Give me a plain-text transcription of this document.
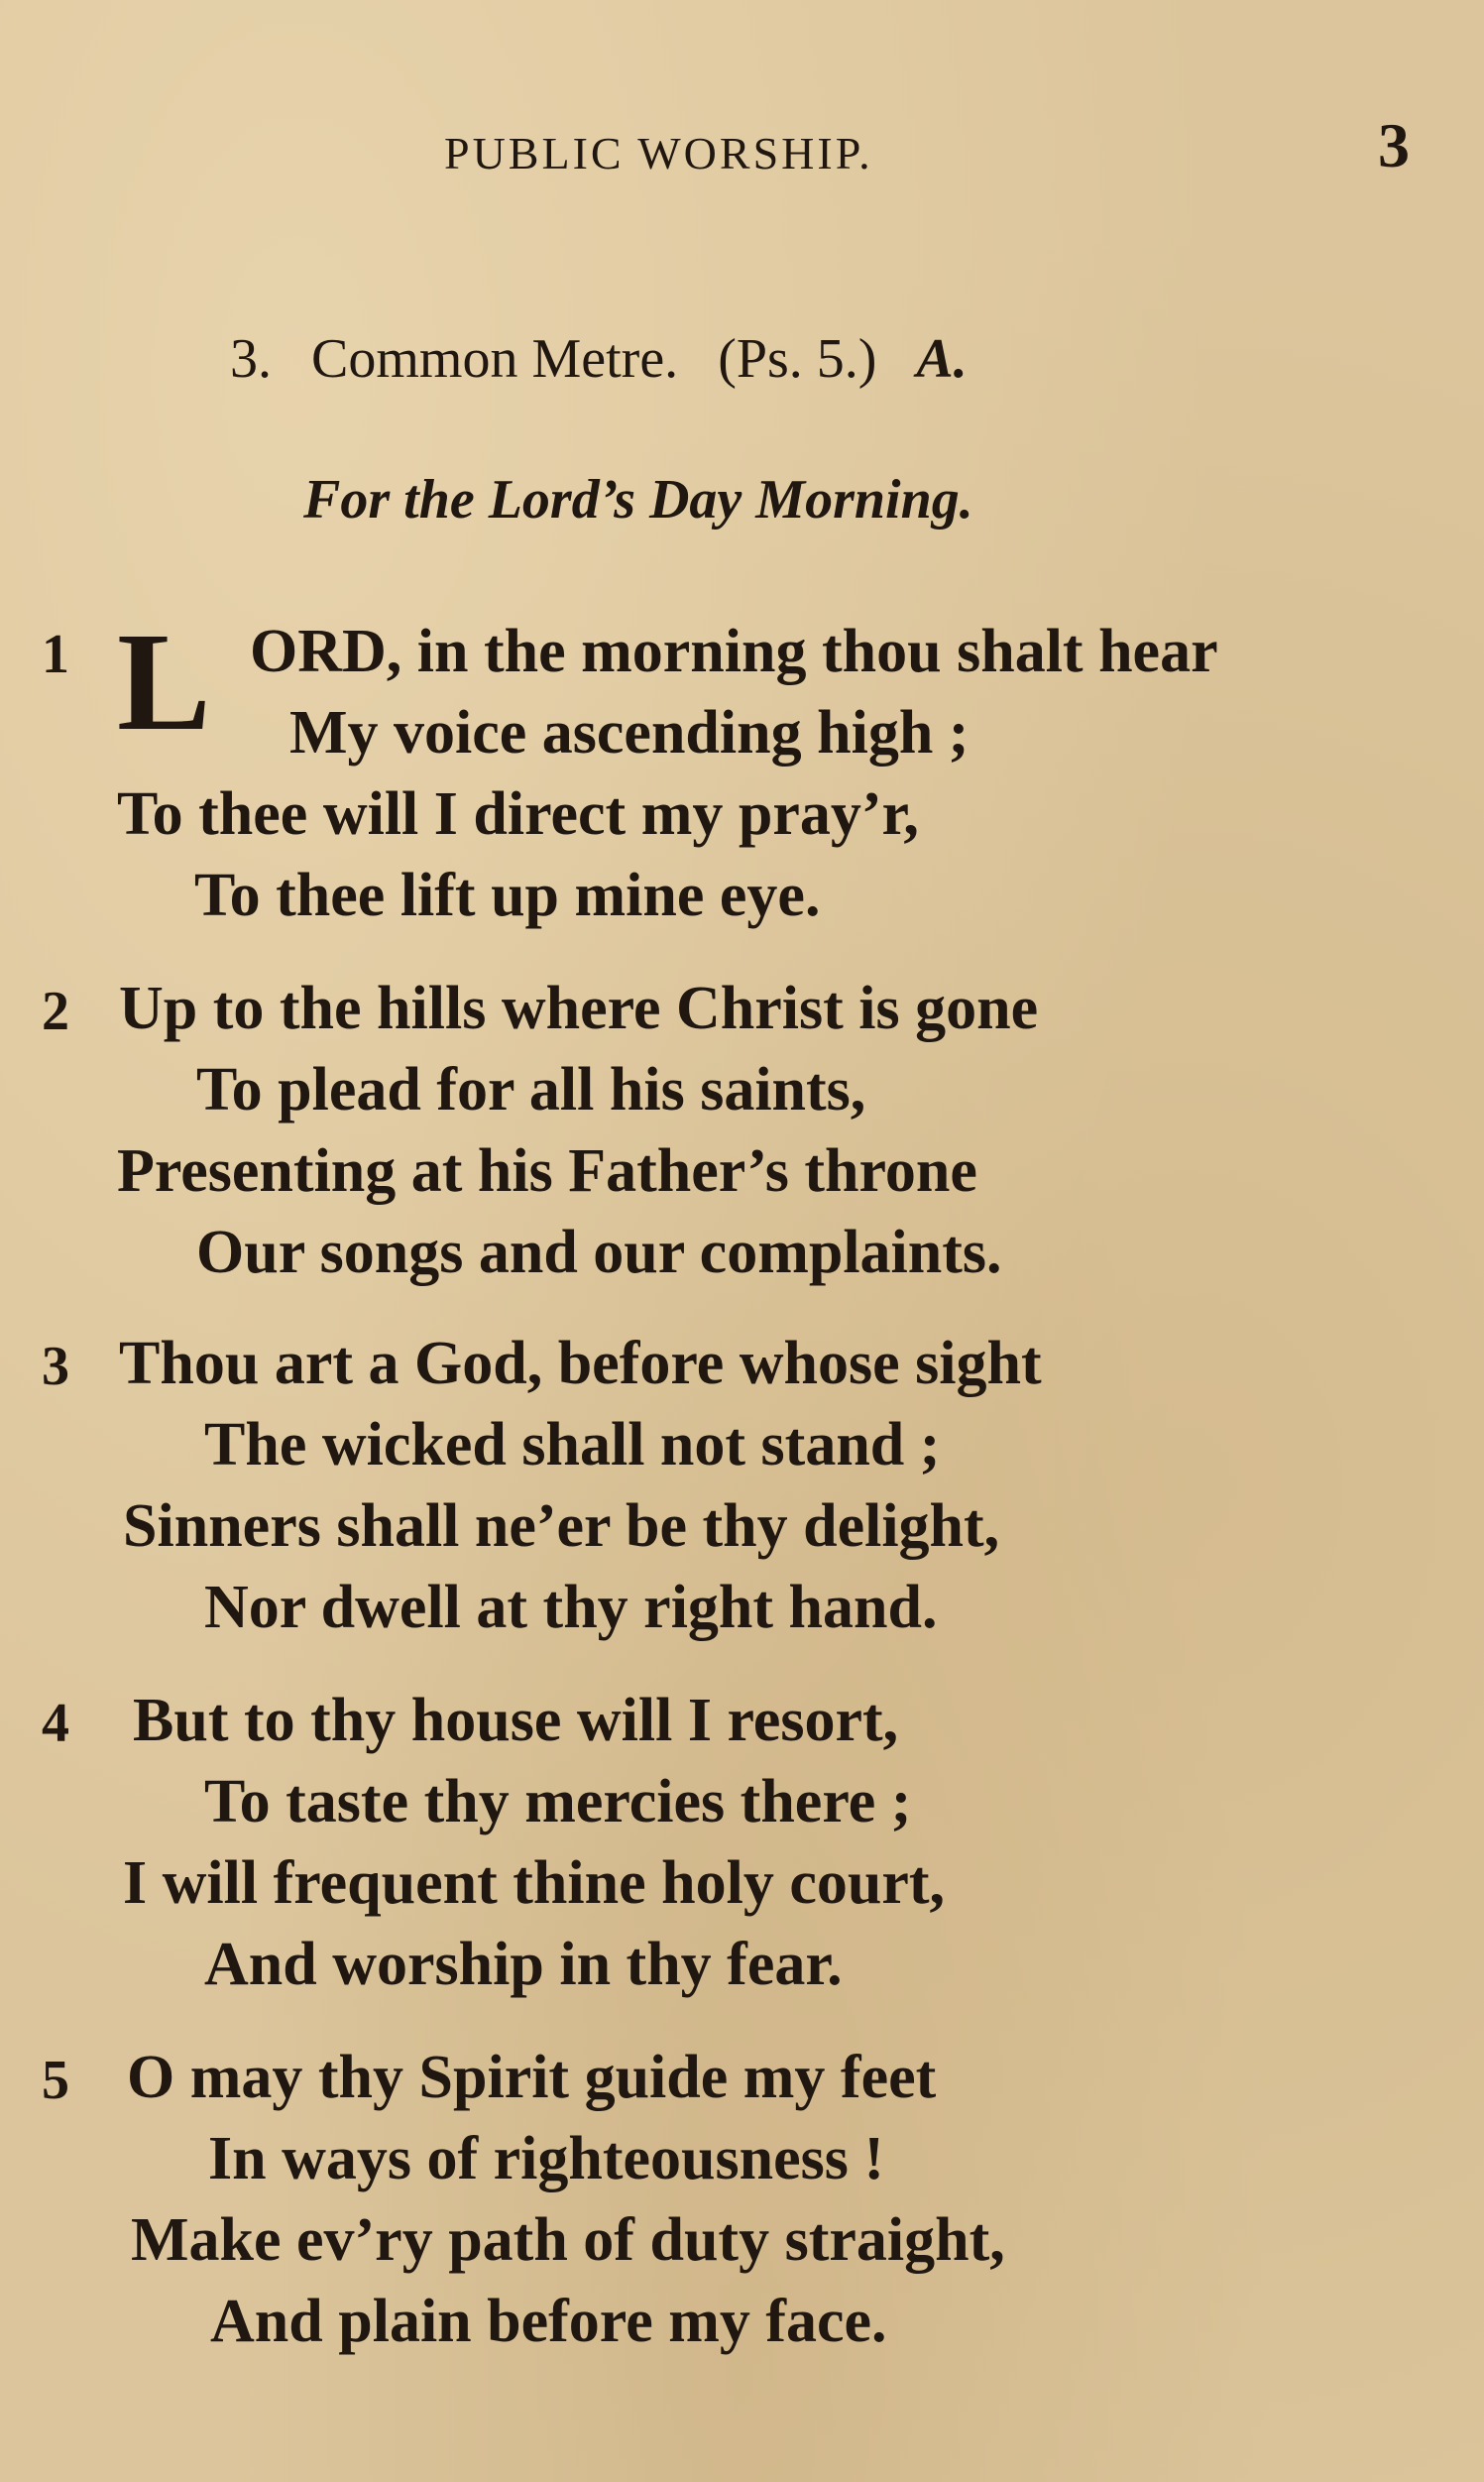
PUBLIC WORSHIP.	3
3. Common Metre. (Ps. 5.) A.
For the Lord’s Day Morning.
1 L ORD, in the morning thou shalt hear
My voice ascending high ;
To thee will I direct my pray’r,
To thee lift up mine eye.
2 Up to the hills where Christ is gone
To plead for all his saints,
Presenting at his Father’s throne
Our songs and our complaints.
3 Thou art a God, before whose sight
The wicked shall not stand ;
Sinners shall ne’er be thy delight,
Nor dwell at thy right hand.
4 But to thy house will I resort,
To taste thy mercies there ;
I will frequent thine holy court,
And worship in thy fear.
5 O may thy Spirit guide my feet
In ways of righteousness !
Make ev’ry path of duty straight,
And plain before my face.
